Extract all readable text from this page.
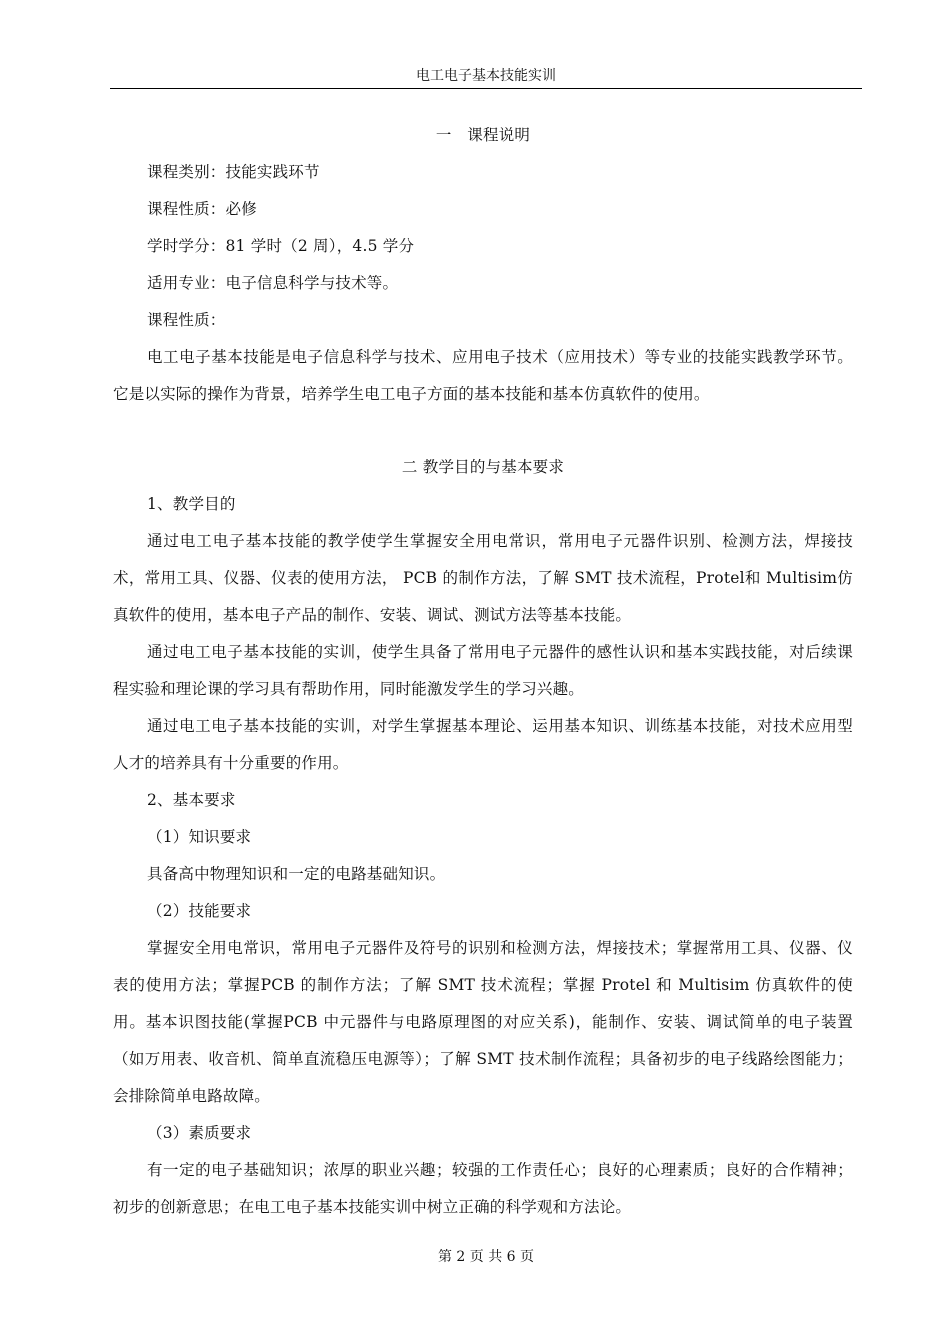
电工电子基本技能实训
一　课程说明
课程类别：技能实践环节
课程性质：必修
学时学分：81 学时（2 周），4.5 学分
适用专业：电子信息科学与技术等。
课程性质：
电工电子基本技能是电子信息科学与技术、应用电子技术（应用技术）等专业的技能实践教学环节。它是以实际的操作为背景，培养学生电工电子方面的基本技能和基本仿真软件的使用。
二 教学目的与基本要求
1、教学目的
通过电工电子基本技能的教学使学生掌握安全用电常识，常用电子元器件识别、检测方法，焊接技术，常用工具、仪器、仪表的使用方法， PCB 的制作方法，了解 SMT 技术流程，Protel和 Multisim仿真软件的使用，基本电子产品的制作、安装、调试、测试方法等基本技能。
通过电工电子基本技能的实训，使学生具备了常用电子元器件的感性认识和基本实践技能，对后续课程实验和理论课的学习具有帮助作用，同时能激发学生的学习兴趣。
通过电工电子基本技能的实训，对学生掌握基本理论、运用基本知识、训练基本技能，对技术应用型人才的培养具有十分重要的作用。
2、基本要求
（1）知识要求
具备高中物理知识和一定的电路基础知识。
（2）技能要求
掌握安全用电常识，常用电子元器件及符号的识别和检测方法，焊接技术；掌握常用工具、仪器、仪表的使用方法；掌握PCB 的制作方法；了解 SMT 技术流程；掌握 Protel 和 Multisim 仿真软件的使用。基本识图技能(掌握PCB 中元器件与电路原理图的对应关系)，能制作、安装、调试简单的电子装置（如万用表、收音机、简单直流稳压电源等）；了解 SMT 技术制作流程；具备初步的电子线路绘图能力；会排除简单电路故障。
（3）素质要求
有一定的电子基础知识；浓厚的职业兴趣；较强的工作责任心；良好的心理素质；良好的合作精神；初步的创新意思；在电工电子基本技能实训中树立正确的科学观和方法论。
第 2 页 共 6 页
